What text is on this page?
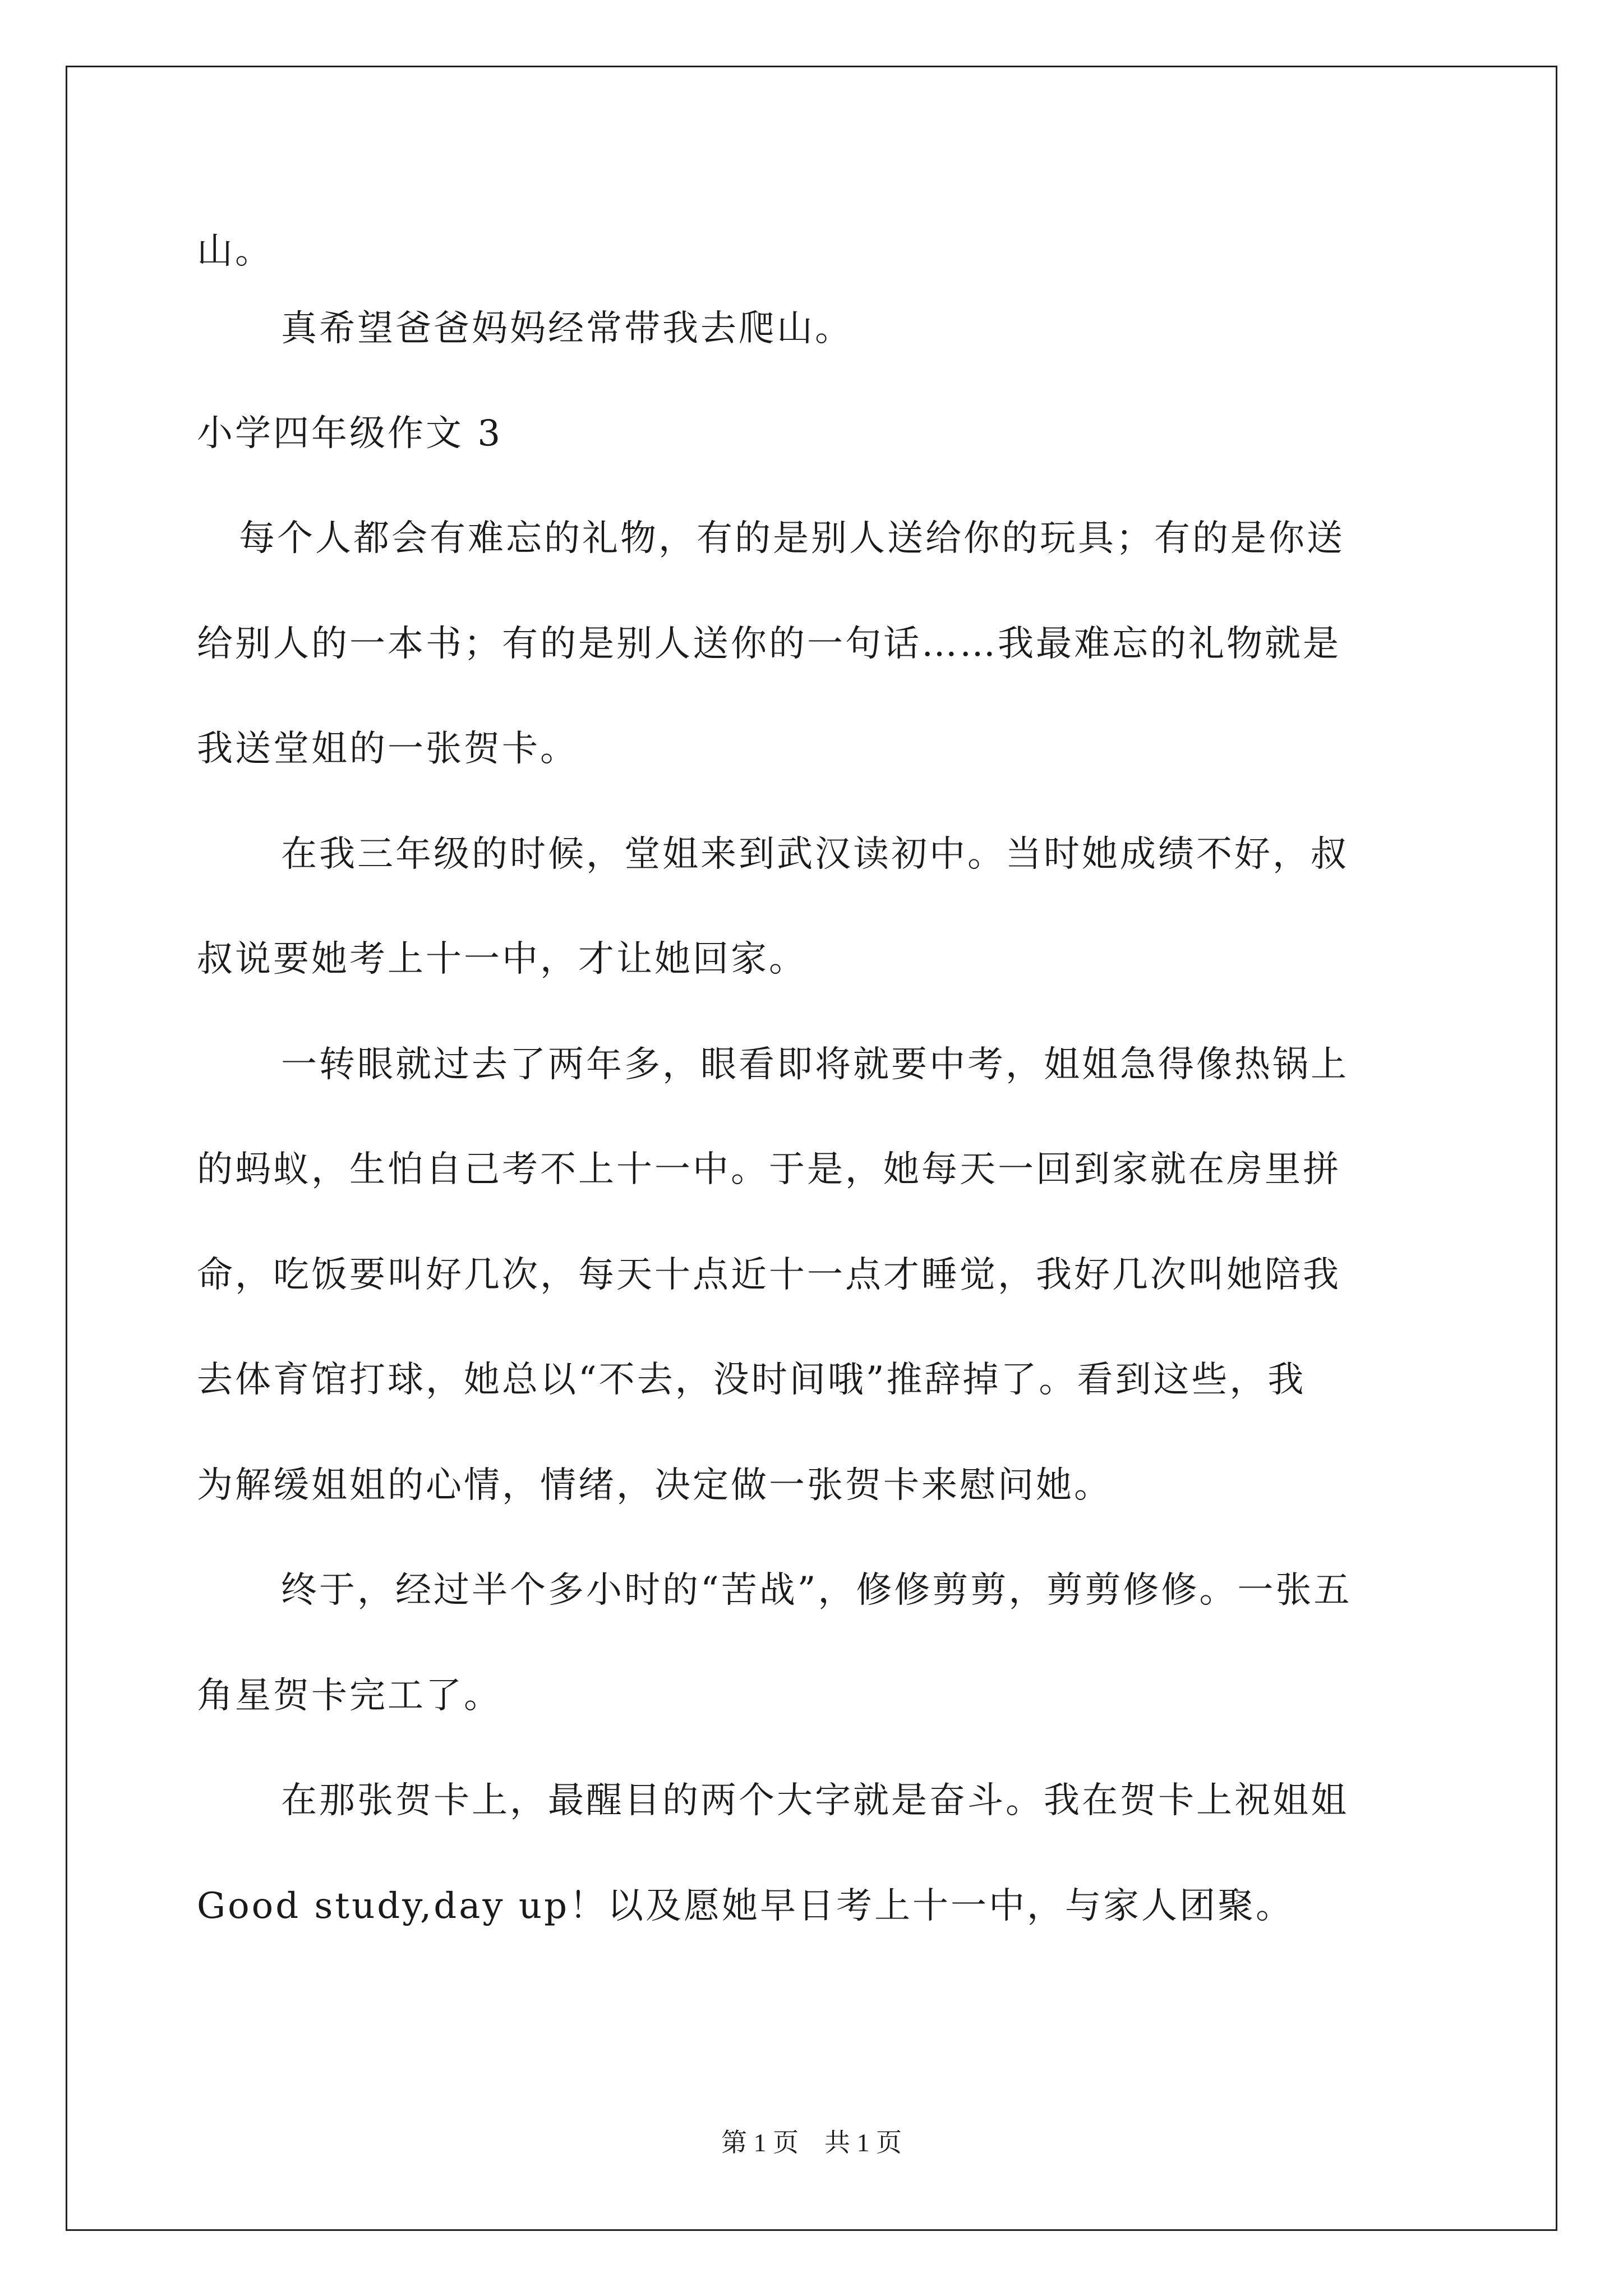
山。
真希望爸爸妈妈经常带我去爬山。
小学四年级作文 3
每个人都会有难忘的礼物，有的是别人送给你的玩具；有的是你送
给别人的一本书；有的是别人送你的一句话……我最难忘的礼物就是
我送堂姐的一张贺卡。
在我三年级的时候，堂姐来到武汉读初中。当时她成绩不好，叔
叔说要她考上十一中，才让她回家。
一转眼就过去了两年多，眼看即将就要中考，姐姐急得像热锅上
的蚂蚁，生怕自己考不上十一中。于是，她每天一回到家就在房里拼
命，吃饭要叫好几次，每天十点近十一点才睡觉，我好几次叫她陪我
去体育馆打球，她总以“不去，没时间哦”推辞掉了。看到这些，我
为解缓姐姐的心情，情绪，决定做一张贺卡来慰问她。
终于，经过半个多小时的“苦战”，修修剪剪，剪剪修修。一张五
角星贺卡完工了。
在那张贺卡上，最醒目的两个大字就是奋斗。我在贺卡上祝姐姐
Good study,day up！以及愿她早日考上十一中，与家人团聚。
第 1 页　共 1 页
